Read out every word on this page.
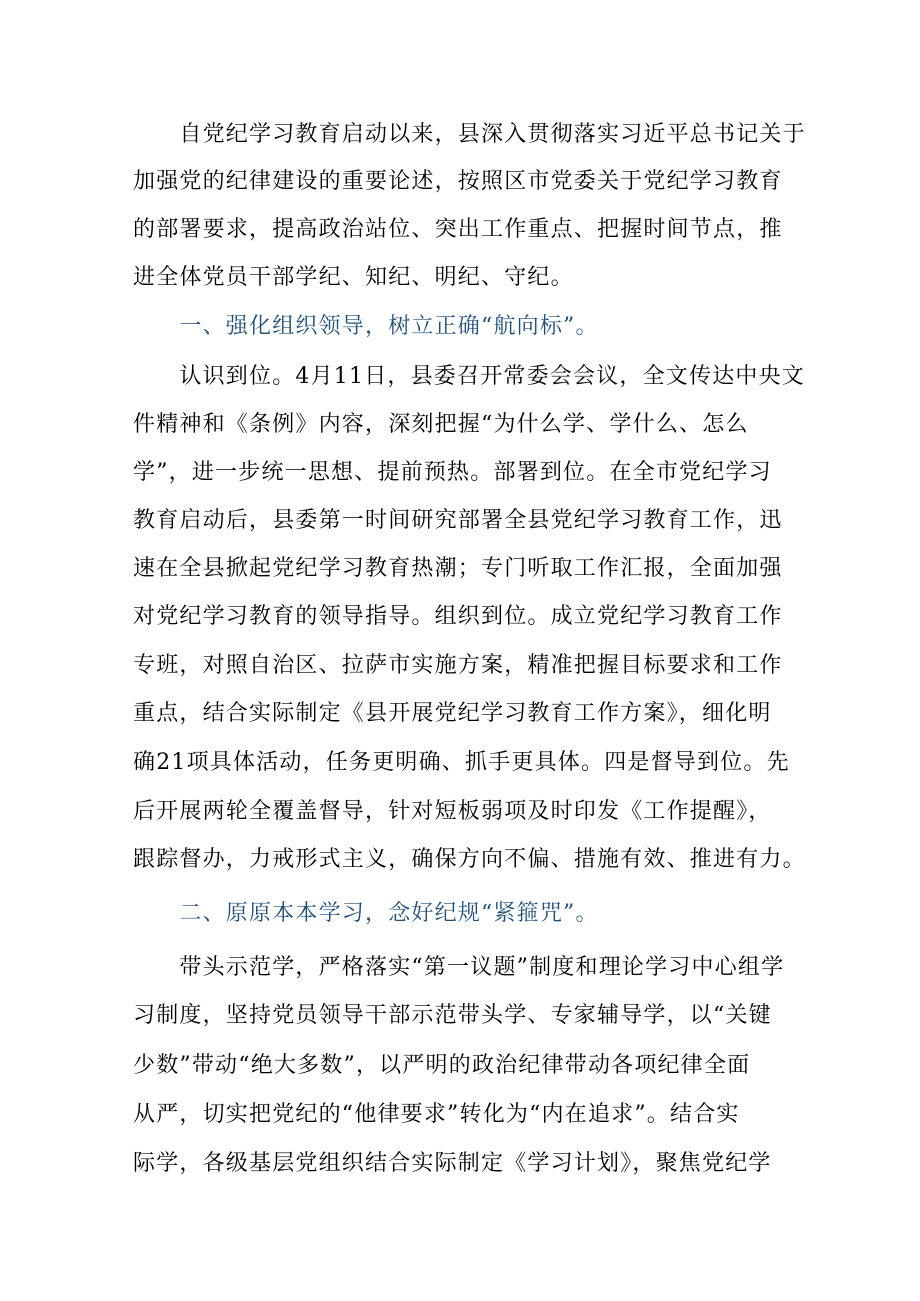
　　自党纪学习教育启动以来，县深入贯彻落实习近平总书记关于
加强党的纪律建设的重要论述，按照区市党委关于党纪学习教育
的部署要求，提高政治站位、突出工作重点、把握时间节点，推
进全体党员干部学纪、知纪、明纪、守纪。
　　一、强化组织领导，树立正确“航向标”。
　　认识到位。4月11日，县委召开常委会会议，全文传达中央文
件精神和《条例》内容，深刻把握“为什么学、学什么、怎么
学”，进一步统一思想、提前预热。部署到位。在全市党纪学习
教育启动后，县委第一时间研究部署全县党纪学习教育工作，迅
速在全县掀起党纪学习教育热潮；专门听取工作汇报，全面加强
对党纪学习教育的领导指导。组织到位。成立党纪学习教育工作
专班，对照自治区、拉萨市实施方案，精准把握目标要求和工作
重点，结合实际制定《县开展党纪学习教育工作方案》，细化明
确21项具体活动，任务更明确、抓手更具体。四是督导到位。先
后开展两轮全覆盖督导，针对短板弱项及时印发《工作提醒》，
跟踪督办，力戒形式主义，确保方向不偏、措施有效、推进有力。
　　二、原原本本学习，念好纪规“紧箍咒”。
　　带头示范学，严格落实“第一议题”制度和理论学习中心组学
习制度，坚持党员领导干部示范带头学、专家辅导学，以“关键
少数”带动“绝大多数”，以严明的政治纪律带动各项纪律全面
从严，切实把党纪的“他律要求”转化为“内在追求”。结合实
际学，各级基层党组织结合实际制定《学习计划》，聚焦党纪学
